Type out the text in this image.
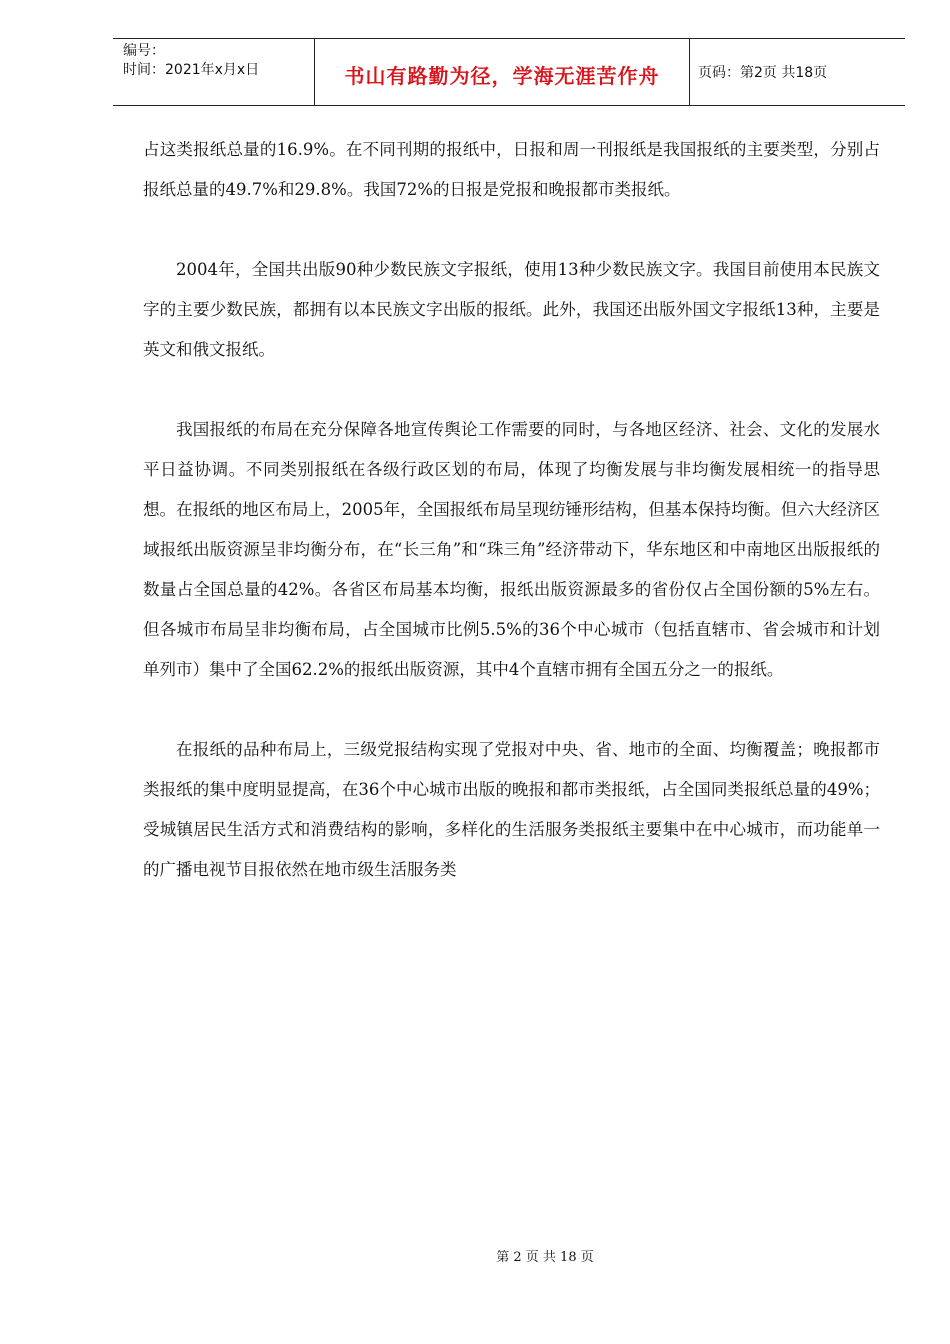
编号：
时间：2021年x月x日	书山有路勤为径，学海无涯苦作舟	页码：第2页 共18页

占这类报纸总量的16.9%。在不同刊期的报纸中，日报和周一刊报纸是我国报纸的主要类型，分别占报纸总量的49.7%和29.8%。我国72%的日报是党报和晚报都市类报纸。

2004年，全国共出版90种少数民族文字报纸，使用13种少数民族文字。我国目前使用本民族文字的主要少数民族，都拥有以本民族文字出版的报纸。此外，我国还出版外国文字报纸13种，主要是英文和俄文报纸。

我国报纸的布局在充分保障各地宣传舆论工作需要的同时，与各地区经济、社会、文化的发展水平日益协调。不同类别报纸在各级行政区划的布局，体现了均衡发展与非均衡发展相统一的指导思想。在报纸的地区布局上，2005年，全国报纸布局呈现纺锤形结构，但基本保持均衡。但六大经济区域报纸出版资源呈非均衡分布，在“长三角”和“珠三角”经济带动下，华东地区和中南地区出版报纸的数量占全国总量的42%。各省区布局基本均衡，报纸出版资源最多的省份仅占全国份额的5%左右。但各城市布局呈非均衡布局，占全国城市比例5.5%的36个中心城市（包括直辖市、省会城市和计划单列市）集中了全国62.2%的报纸出版资源，其中4个直辖市拥有全国五分之一的报纸。

在报纸的品种布局上，三级党报结构实现了党报对中央、省、地市的全面、均衡覆盖；晚报都市类报纸的集中度明显提高，在36个中心城市出版的晚报和都市类报纸，占全国同类报纸总量的49%；受城镇居民生活方式和消费结构的影响，多样化的生活服务类报纸主要集中在中心城市，而功能单一的广播电视节目报依然在地市级生活服务类

第 2 页 共 18 页
